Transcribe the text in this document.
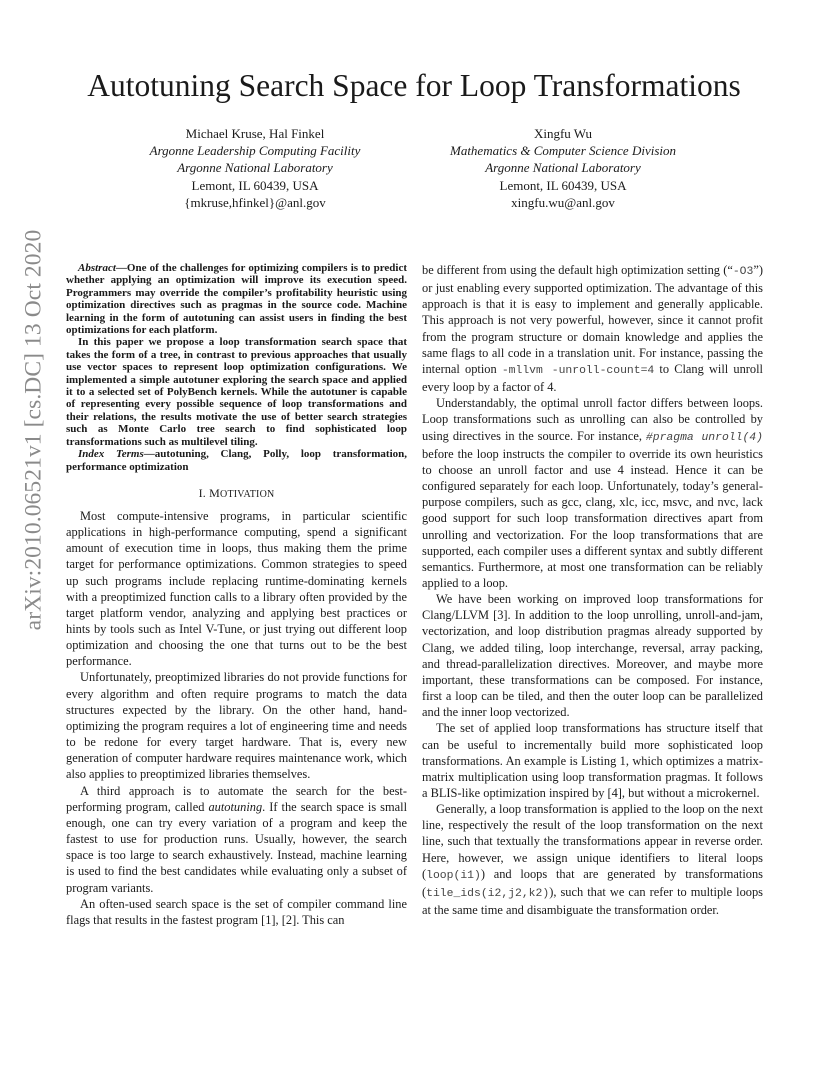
arXiv:2010.06521v1 [cs.DC] 13 Oct 2020
Autotuning Search Space for Loop Transformations
Michael Kruse, Hal Finkel
Argonne Leadership Computing Facility
Argonne National Laboratory
Lemont, IL 60439, USA
{mkruse,hfinkel}@anl.gov
Xingfu Wu
Mathematics & Computer Science Division
Argonne National Laboratory
Lemont, IL 60439, USA
xingfu.wu@anl.gov

Abstract—One of the challenges for optimizing compilers is to predict whether applying an optimization will improve its execution speed. Programmers may override the compiler’s profitability heuristic using optimization directives such as pragmas in the source code. Machine learning in the form of autotuning can assist users in finding the best optimizations for each platform.

In this paper we propose a loop transformation search space that takes the form of a tree, in contrast to previous approaches that usually use vector spaces to represent loop optimization configurations. We implemented a simple autotuner exploring the search space and applied it to a selected set of PolyBench kernels. While the autotuner is capable of representing every possible sequence of loop transformations and their relations, the results motivate the use of better search strategies such as Monte Carlo tree search to find sophisticated loop transformations such as multilevel tiling.

Index Terms—autotuning, Clang, Polly, loop transformation, performance optimization

I. MOTIVATION

Most compute-intensive programs, in particular scientific applications in high-performance computing, spend a significant amount of execution time in loops, thus making them the prime target for performance optimizations. Common strategies to speed up such programs include replacing runtime-dominating kernels with a preoptimized function calls to a library often provided by the target platform vendor, analyzing and applying best practices or hints by tools such as Intel V-Tune, or just trying out different loop optimization and choosing the one that turns out to be the best performance.

Unfortunately, preoptimized libraries do not provide functions for every algorithm and often require programs to match the data structures expected by the library. On the other hand, hand-optimizing the program requires a lot of engineering time and needs to be redone for every target hardware. That is, every new generation of computer hardware requires maintenance work, which also applies to preoptimized libraries themselves.

A third approach is to automate the search for the best-performing program, called autotuning. If the search space is small enough, one can try every variation of a program and keep the fastest to use for production runs. Usually, however, the search space is too large to search exhaustively. Instead, machine learning is used to find the best candidates while evaluating only a subset of program variants.

An often-used search space is the set of compiler command line flags that results in the fastest program [1], [2]. This can

be different from using the default high optimization setting (“-O3”) or just enabling every supported optimization. The advantage of this approach is that it is easy to implement and generally applicable. This approach is not very powerful, however, since it cannot profit from the program structure or domain knowledge and applies the same flags to all code in a translation unit. For instance, passing the internal option -mllvm -unroll-count=4 to Clang will unroll every loop by a factor of 4.

Understandably, the optimal unroll factor differs between loops. Loop transformations such as unrolling can also be controlled by using directives in the source. For instance, #pragma unroll(4) before the loop instructs the compiler to override its own heuristics to choose an unroll factor and use 4 instead. Hence it can be configured separately for each loop. Unfortunately, today’s general-purpose compilers, such as gcc, clang, xlc, icc, msvc, and nvc, lack good support for such loop transformation directives apart from unrolling and vectorization. For the loop transformations that are supported, each compiler uses a different syntax and subtly different semantics. Furthermore, at most one transformation can be reliably applied to a loop.

We have been working on improved loop transformations for Clang/LLVM [3]. In addition to the loop unrolling, unroll-and-jam, vectorization, and loop distribution pragmas already supported by Clang, we added tiling, loop interchange, reversal, array packing, and thread-parallelization directives. Moreover, and maybe more important, these transformations can be composed. For instance, first a loop can be tiled, and then the outer loop can be parallelized and the inner loop vectorized.

The set of applied loop transformations has structure itself that can be useful to incrementally build more sophisticated loop transformations. An example is Listing 1, which optimizes a matrix-matrix multiplication using loop transformation pragmas. It follows a BLIS-like optimization inspired by [4], but without a microkernel.

Generally, a loop transformation is applied to the loop on the next line, respectively the result of the loop transformation on the next line, such that textually the transformations appear in reverse order. Here, however, we assign unique identifiers to literal loops (loop(i1)) and loops that are generated by transformations (tile_ids(i2,j2,k2)), such that we can refer to multiple loops at the same time and disambiguate the transformation order.
